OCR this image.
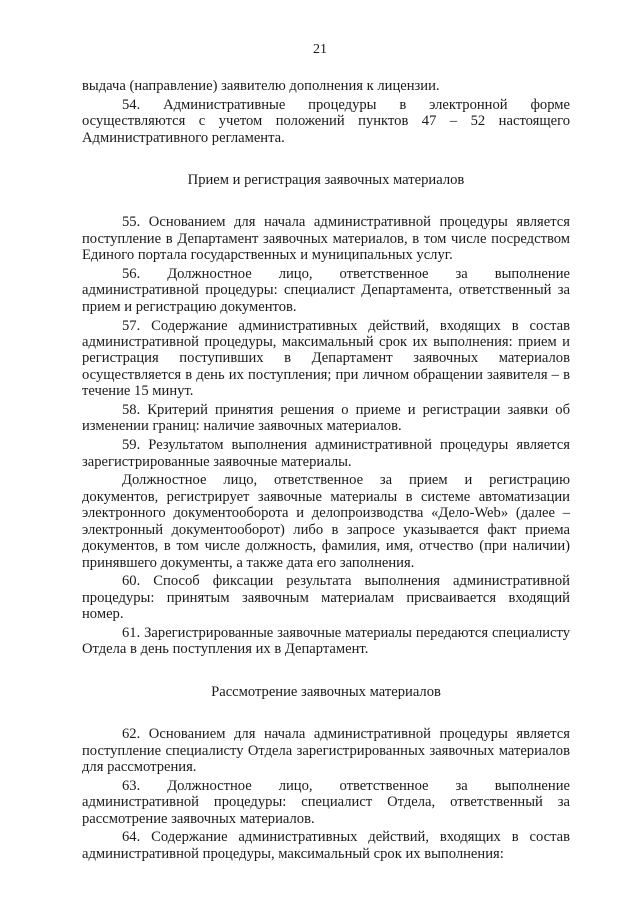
21

выдача (направление) заявителю дополнения к лицензии.

54. Административные процедуры в электронной форме осуществляются с учетом положений пунктов 47 – 52 настоящего Административного регламента.

Прием и регистрация заявочных материалов

55. Основанием для начала административной процедуры является поступление в Департамент заявочных материалов, в том числе посредством Единого портала государственных и муниципальных услуг.

56. Должностное лицо, ответственное за выполнение административной процедуры: специалист Департамента, ответственный за прием и регистрацию документов.

57. Содержание административных действий, входящих в состав административной процедуры, максимальный срок их выполнения: прием и регистрация поступивших в Департамент заявочных материалов осуществляется в день их поступления; при личном обращении заявителя – в течение 15 минут.

58. Критерий принятия решения о приеме и регистрации заявки об изменении границ: наличие заявочных материалов.

59. Результатом выполнения административной процедуры является зарегистрированные заявочные материалы.

Должностное лицо, ответственное за прием и регистрацию документов, регистрирует заявочные материалы в системе автоматизации электронного документооборота и делопроизводства «Дело-Web» (далее – электронный документооборот) либо в запросе указывается факт приема документов, в том числе должность, фамилия, имя, отчество (при наличии) принявшего документы, а также дата его заполнения.

60. Способ фиксации результата выполнения административной процедуры: принятым заявочным материалам присваивается входящий номер.

61. Зарегистрированные заявочные материалы передаются специалисту Отдела в день поступления их в Департамент.

Рассмотрение заявочных материалов

62. Основанием для начала административной процедуры является поступление специалисту Отдела зарегистрированных заявочных материалов для рассмотрения.

63. Должностное лицо, ответственное за выполнение административной процедуры: специалист Отдела, ответственный за рассмотрение заявочных материалов.

64. Содержание административных действий, входящих в состав административной процедуры, максимальный срок их выполнения:
